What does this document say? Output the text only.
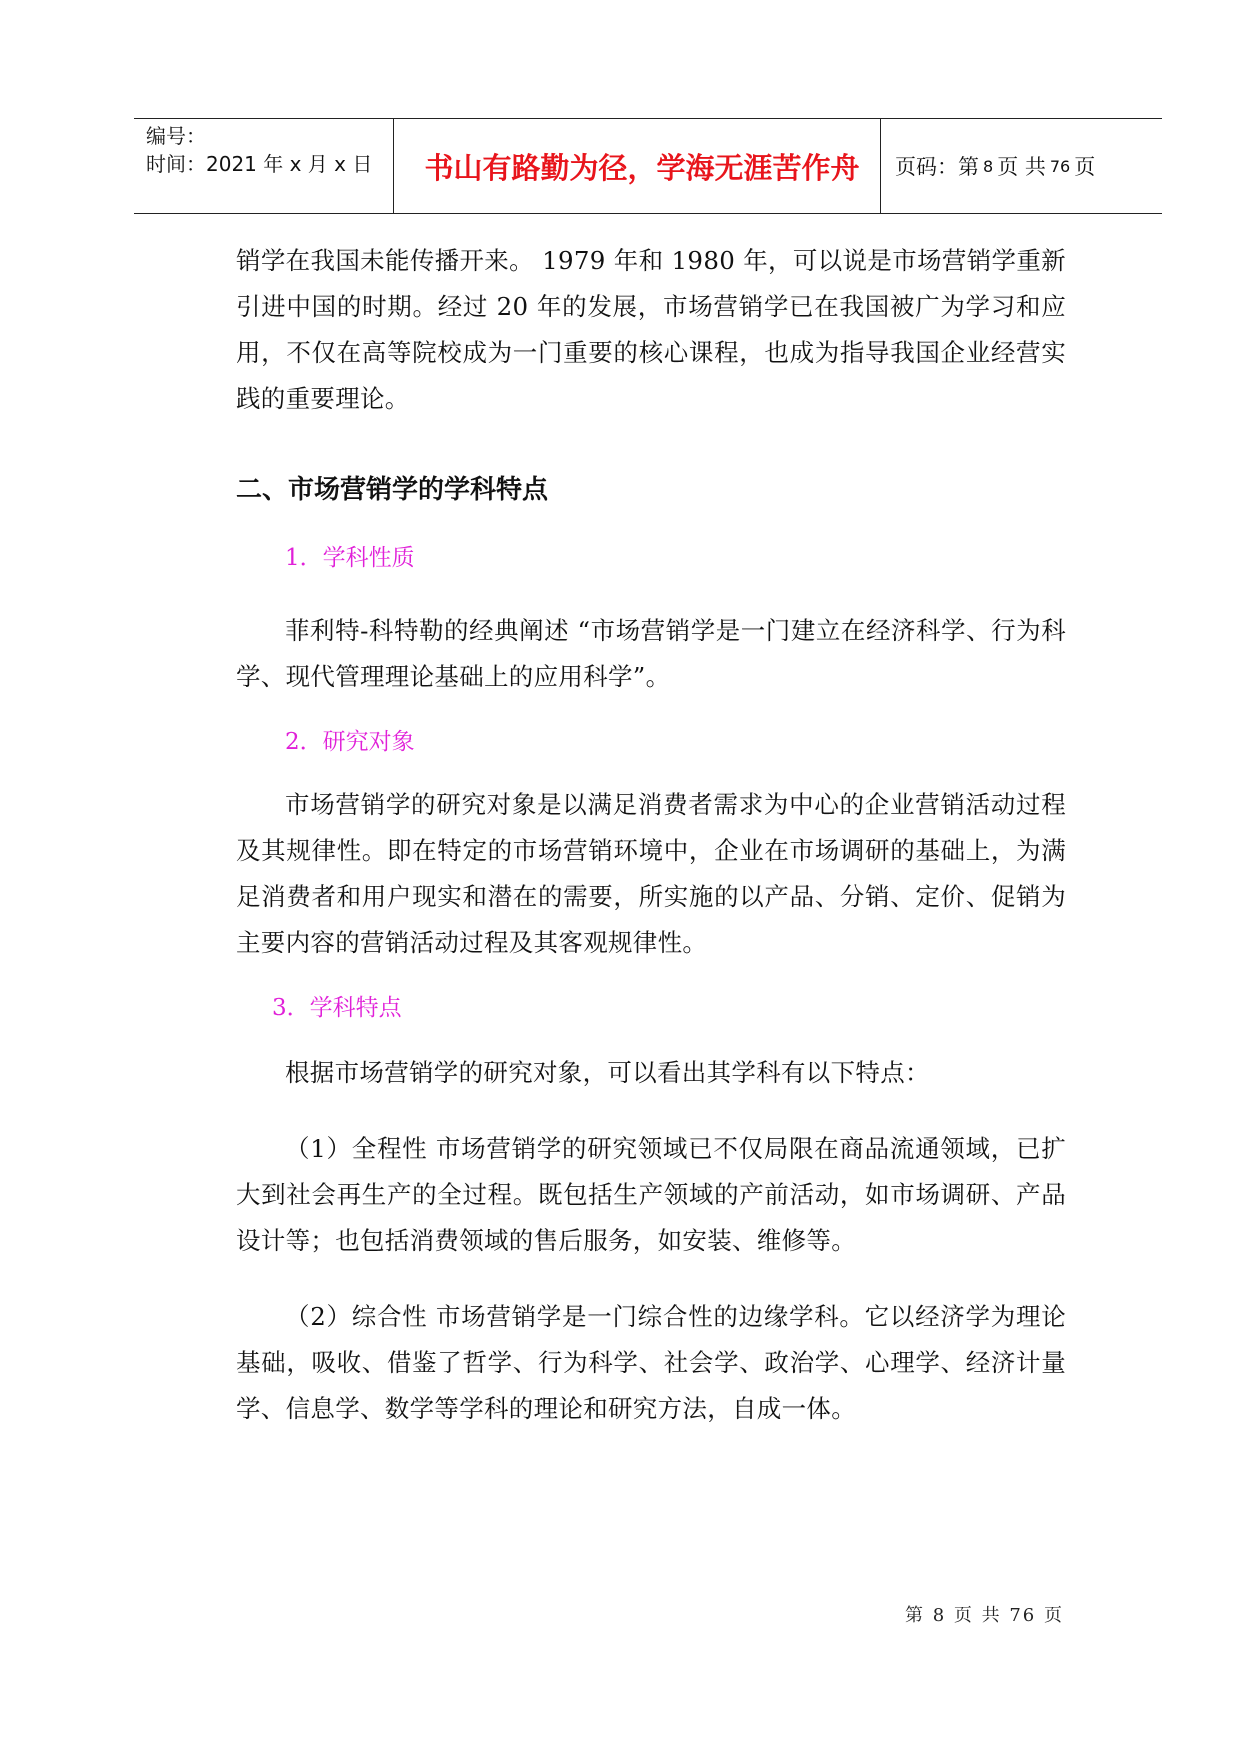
编号：
时间：2021 年 x 月 x 日	书山有路勤为径，学海无涯苦作舟	页码：第 8 页 共 76 页

销学在我国未能传播开来。 1979 年和 1980 年，可以说是市场营销学重新引进中国的时期。经过 20 年的发展，市场营销学已在我国被广为学习和应用，不仅在高等院校成为一门重要的核心课程，也成为指导我国企业经营实践的重要理论。

二、市场营销学的学科特点
1．学科性质

菲利特-科特勒的经典阐述 “市场营销学是一门建立在经济科学、行为科学、现代管理理论基础上的应用科学”。

2．研究对象

市场营销学的研究对象是以满足消费者需求为中心的企业营销活动过程及其规律性。即在特定的市场营销环境中，企业在市场调研的基础上，为满足消费者和用户现实和潜在的需要，所实施的以产品、分销、定价、促销为主要内容的营销活动过程及其客观规律性。

3．学科特点

根据市场营销学的研究对象，可以看出其学科有以下特点：

（1）全程性 市场营销学的研究领域已不仅局限在商品流通领域，已扩大到社会再生产的全过程。既包括生产领域的产前活动，如市场调研、产品设计等；也包括消费领域的售后服务，如安装、维修等。

（2）综合性 市场营销学是一门综合性的边缘学科。它以经济学为理论基础，吸收、借鉴了哲学、行为科学、社会学、政治学、心理学、经济计量学、信息学、数学等学科的理论和研究方法，自成一体。

第 8 页 共 76 页
